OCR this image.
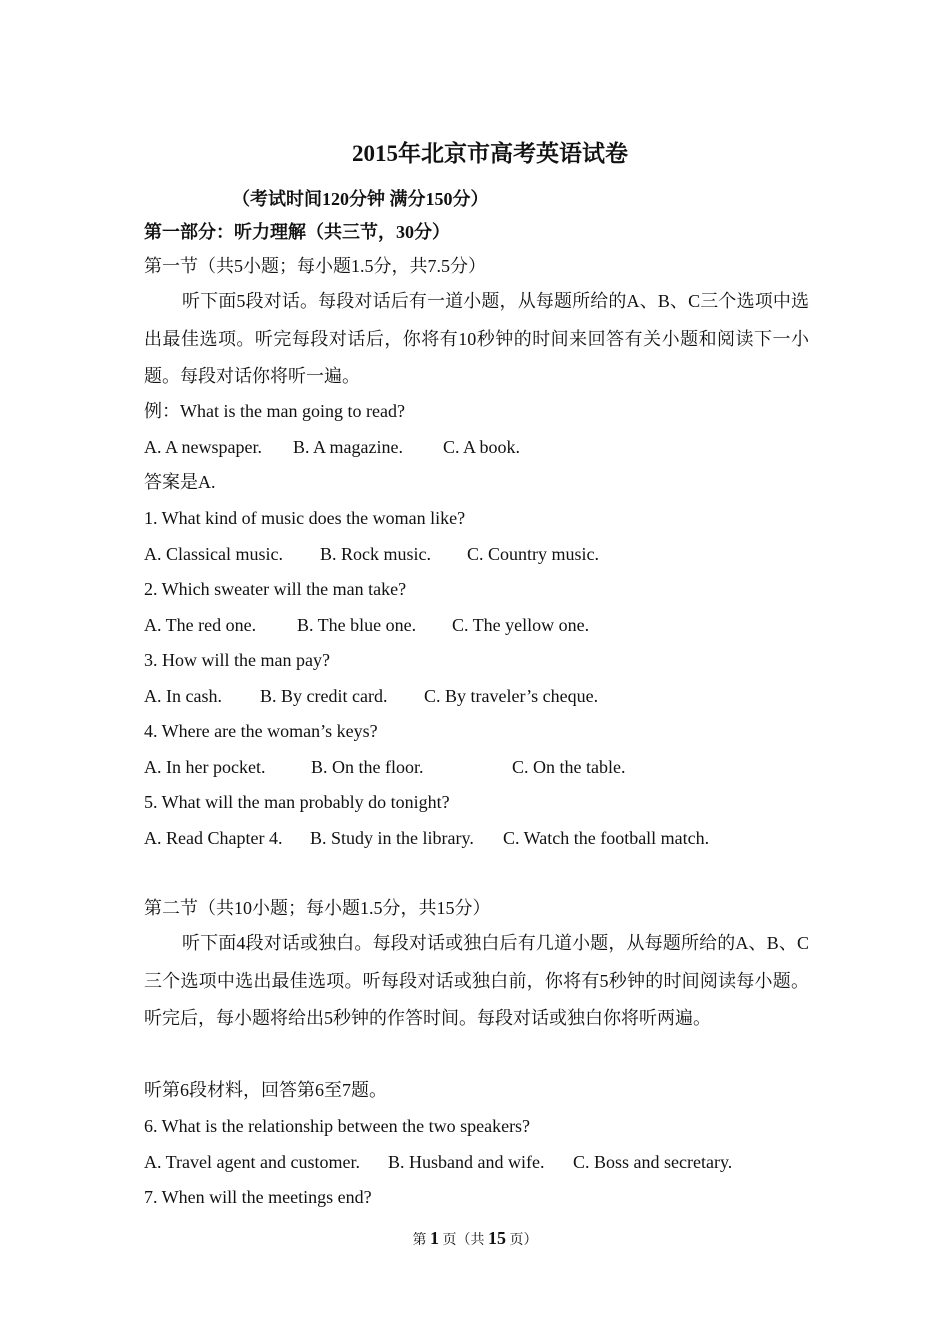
2015年北京市高考英语试卷
（考试时间120分钟 满分150分）
第一部分：听力理解（共三节，30分）
第一节（共5小题；每小题1.5分，共7.5分）
听下面5段对话。每段对话后有一道小题，从每题所给的A、B、C三个选项中选出最佳选项。听完每段对话后，你将有10秒钟的时间来回答有关小题和阅读下一小题。每段对话你将听一遍。
例：What is the man going to read?
A. A newspaper. B. A magazine. C. A book.
答案是A.
1. What kind of music does the woman like?
A. Classical music. B. Rock music. C. Country music.
2. Which sweater will the man take?
A. The red one. B. The blue one. C. The yellow one.
3. How will the man pay?
A. In cash. B. By credit card. C. By traveler’s cheque.
4. Where are the woman’s keys?
A. In her pocket.	B. On the floor.	C. On the table.
5. What will the man probably do tonight?
A. Read Chapter 4. B. Study in the library. C. Watch the football match.
第二节（共10小题；每小题1.5分，共15分）
听下面4段对话或独白。每段对话或独白后有几道小题，从每题所给的A、B、C三个选项中选出最佳选项。听每段对话或独白前，你将有5秒钟的时间阅读每小题。听完后，每小题将给出5秒钟的作答时间。每段对话或独白你将听两遍。
听第6段材料，回答第6至7题。
6. What is the relationship between the two speakers?
A. Travel agent and customer. B. Husband and wife. C. Boss and secretary.
7. When will the meetings end?
第 1 页（共 15 页）
